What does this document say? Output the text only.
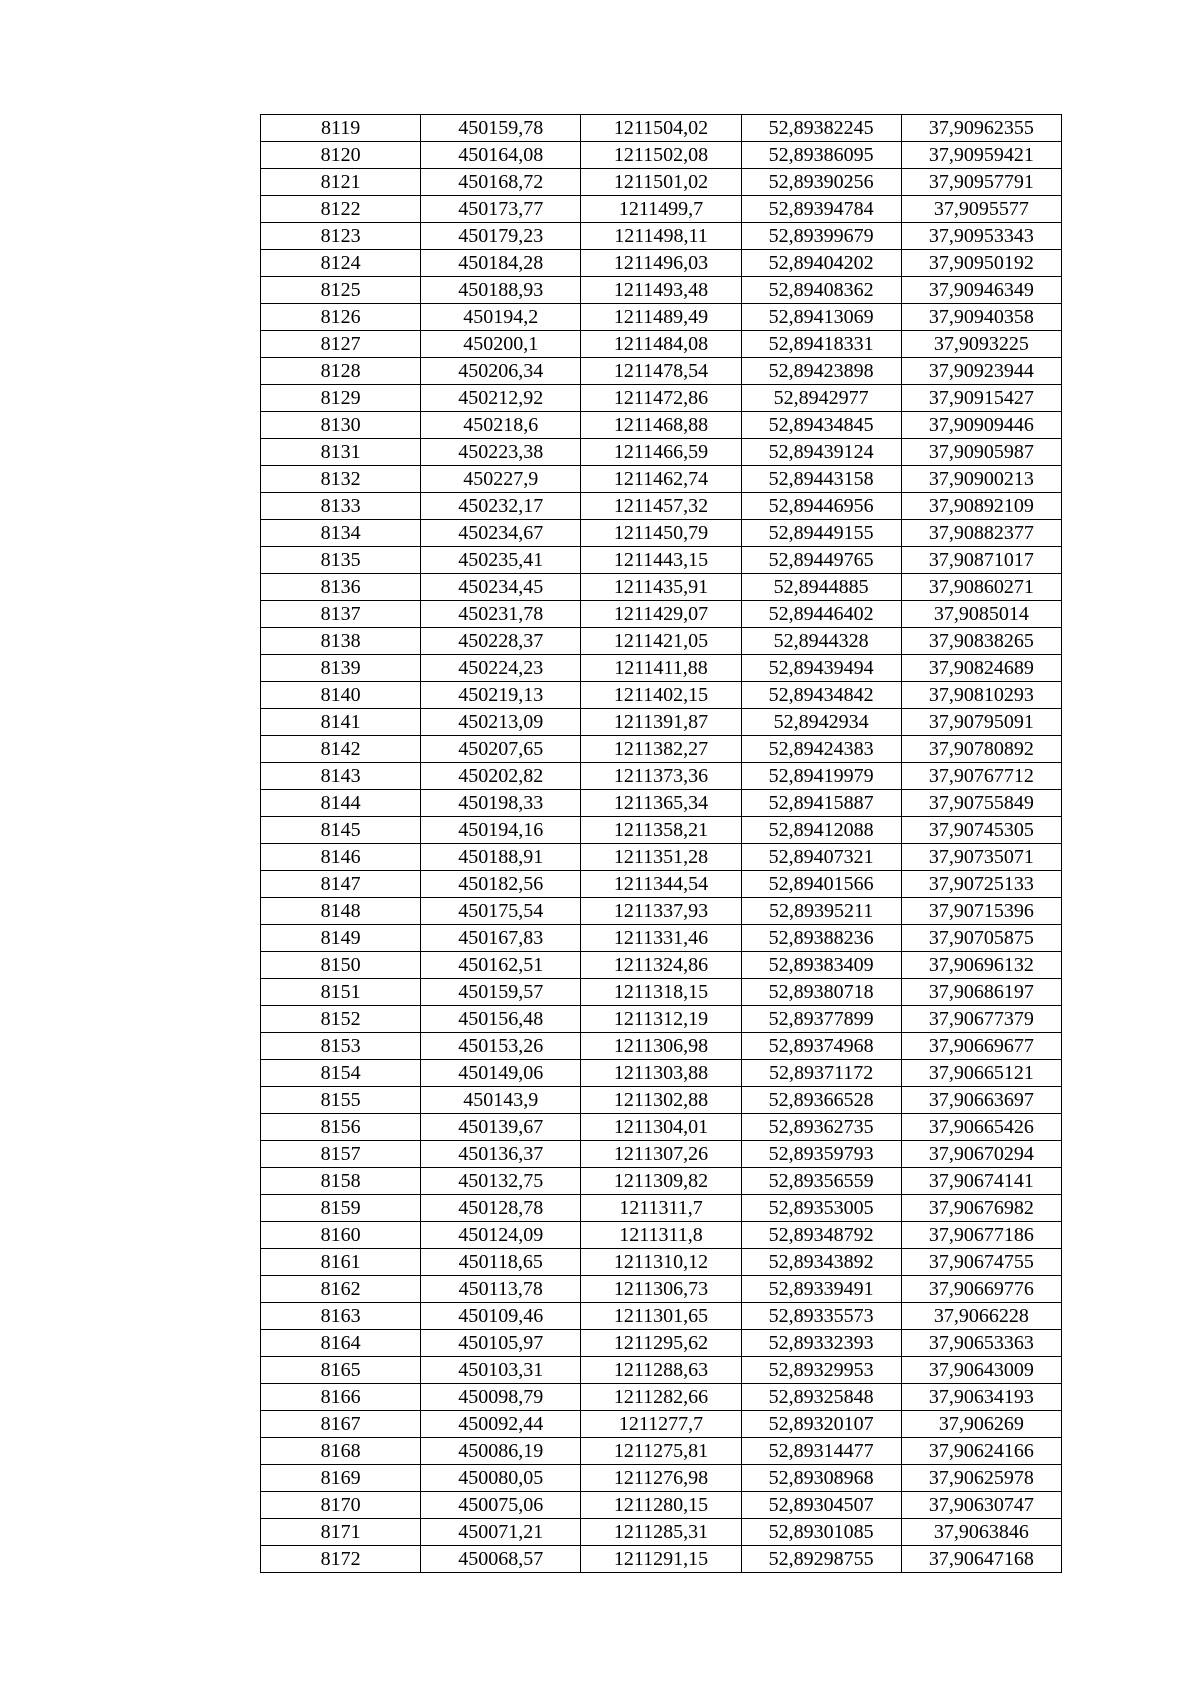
8119	450159,78	1211504,02	52,89382245	37,90962355
8120	450164,08	1211502,08	52,89386095	37,90959421
8121	450168,72	1211501,02	52,89390256	37,90957791
8122	450173,77	1211499,7	52,89394784	37,9095577
8123	450179,23	1211498,11	52,89399679	37,90953343
8124	450184,28	1211496,03	52,89404202	37,90950192
8125	450188,93	1211493,48	52,89408362	37,90946349
8126	450194,2	1211489,49	52,89413069	37,90940358
8127	450200,1	1211484,08	52,89418331	37,9093225
8128	450206,34	1211478,54	52,89423898	37,90923944
8129	450212,92	1211472,86	52,8942977	37,90915427
8130	450218,6	1211468,88	52,89434845	37,90909446
8131	450223,38	1211466,59	52,89439124	37,90905987
8132	450227,9	1211462,74	52,89443158	37,90900213
8133	450232,17	1211457,32	52,89446956	37,90892109
8134	450234,67	1211450,79	52,89449155	37,90882377
8135	450235,41	1211443,15	52,89449765	37,90871017
8136	450234,45	1211435,91	52,8944885	37,90860271
8137	450231,78	1211429,07	52,89446402	37,9085014
8138	450228,37	1211421,05	52,8944328	37,90838265
8139	450224,23	1211411,88	52,89439494	37,90824689
8140	450219,13	1211402,15	52,89434842	37,90810293
8141	450213,09	1211391,87	52,8942934	37,90795091
8142	450207,65	1211382,27	52,89424383	37,90780892
8143	450202,82	1211373,36	52,89419979	37,90767712
8144	450198,33	1211365,34	52,89415887	37,90755849
8145	450194,16	1211358,21	52,89412088	37,90745305
8146	450188,91	1211351,28	52,89407321	37,90735071
8147	450182,56	1211344,54	52,89401566	37,90725133
8148	450175,54	1211337,93	52,89395211	37,90715396
8149	450167,83	1211331,46	52,89388236	37,90705875
8150	450162,51	1211324,86	52,89383409	37,90696132
8151	450159,57	1211318,15	52,89380718	37,90686197
8152	450156,48	1211312,19	52,89377899	37,90677379
8153	450153,26	1211306,98	52,89374968	37,90669677
8154	450149,06	1211303,88	52,89371172	37,90665121
8155	450143,9	1211302,88	52,89366528	37,90663697
8156	450139,67	1211304,01	52,89362735	37,90665426
8157	450136,37	1211307,26	52,89359793	37,90670294
8158	450132,75	1211309,82	52,89356559	37,90674141
8159	450128,78	1211311,7	52,89353005	37,90676982
8160	450124,09	1211311,8	52,89348792	37,90677186
8161	450118,65	1211310,12	52,89343892	37,90674755
8162	450113,78	1211306,73	52,89339491	37,90669776
8163	450109,46	1211301,65	52,89335573	37,9066228
8164	450105,97	1211295,62	52,89332393	37,90653363
8165	450103,31	1211288,63	52,89329953	37,90643009
8166	450098,79	1211282,66	52,89325848	37,90634193
8167	450092,44	1211277,7	52,89320107	37,906269
8168	450086,19	1211275,81	52,89314477	37,90624166
8169	450080,05	1211276,98	52,89308968	37,90625978
8170	450075,06	1211280,15	52,89304507	37,90630747
8171	450071,21	1211285,31	52,89301085	37,9063846
8172	450068,57	1211291,15	52,89298755	37,90647168
